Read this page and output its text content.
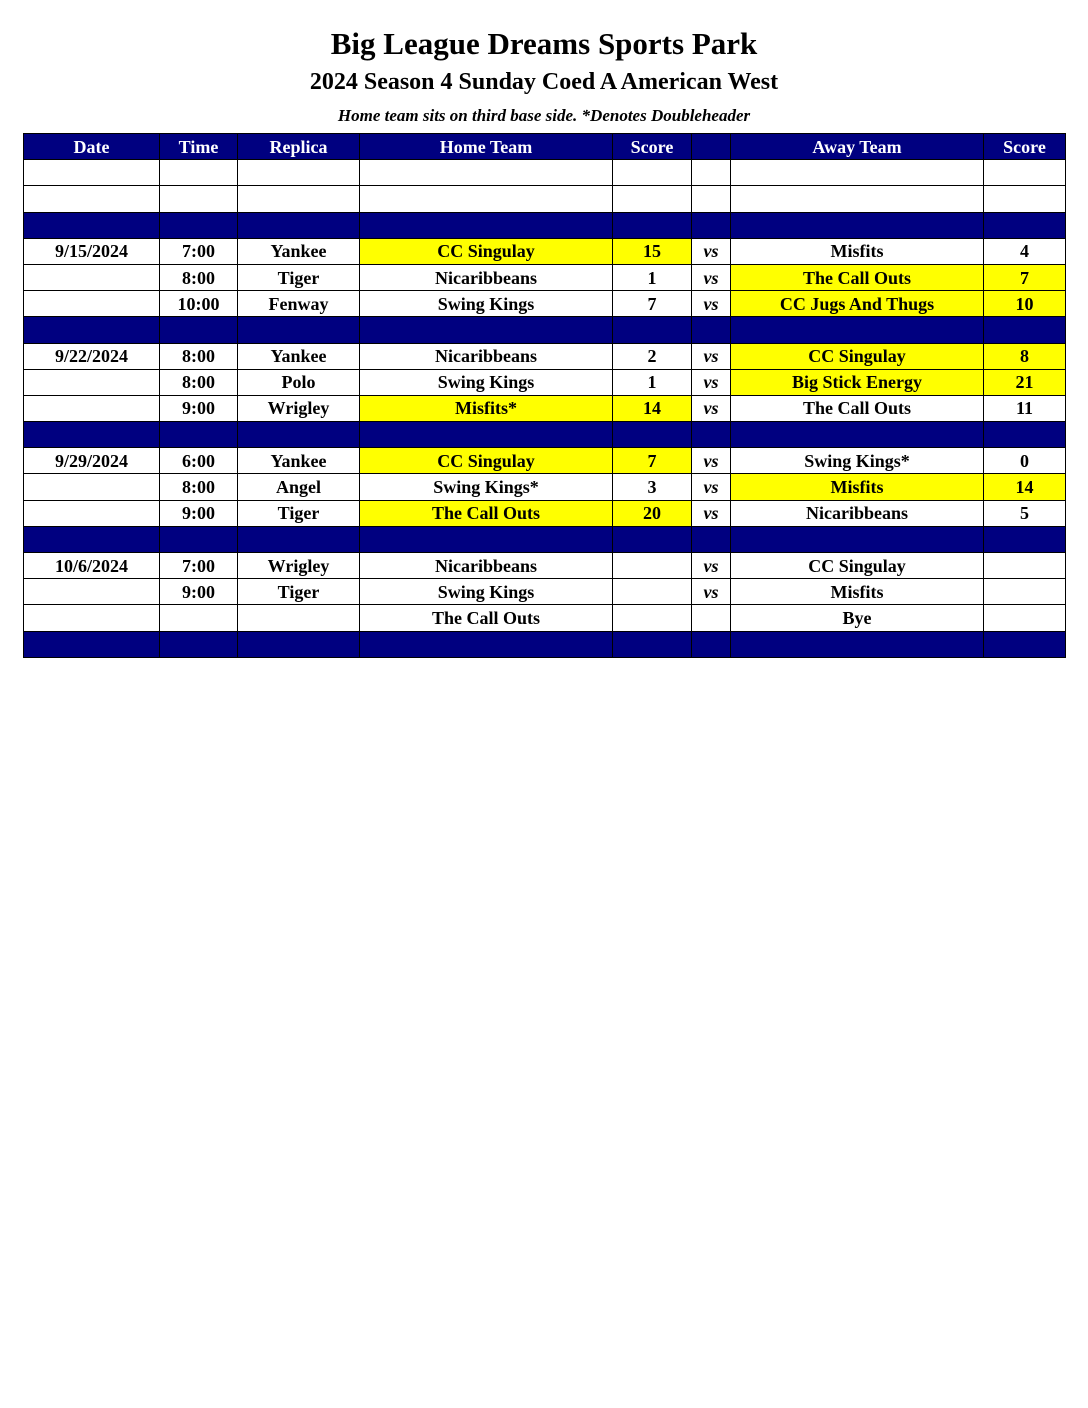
Big League Dreams Sports Park
2024 Season 4 Sunday Coed A American West

Home team sits on third base side. *Denotes Doubleheader

Date	Time	Replica	Home Team	Score		Away Team	Score

9/15/2024	7:00	Yankee	CC Singulay	15	vs	Misfits	4
	8:00	Tiger	Nicaribbeans	1	vs	The Call Outs	7
	10:00	Fenway	Swing Kings	7	vs	CC Jugs And Thugs	10

9/22/2024	8:00	Yankee	Nicaribbeans	2	vs	CC Singulay	8
	8:00	Polo	Swing Kings	1	vs	Big Stick Energy	21
	9:00	Wrigley	Misfits*	14	vs	The Call Outs	11

9/29/2024	6:00	Yankee	CC Singulay	7	vs	Swing Kings*	0
	8:00	Angel	Swing Kings*	3	vs	Misfits	14
	9:00	Tiger	The Call Outs	20	vs	Nicaribbeans	5

10/6/2024	7:00	Wrigley	Nicaribbeans		vs	CC Singulay	
	9:00	Tiger	Swing Kings		vs	Misfits	
			The Call Outs			Bye	
